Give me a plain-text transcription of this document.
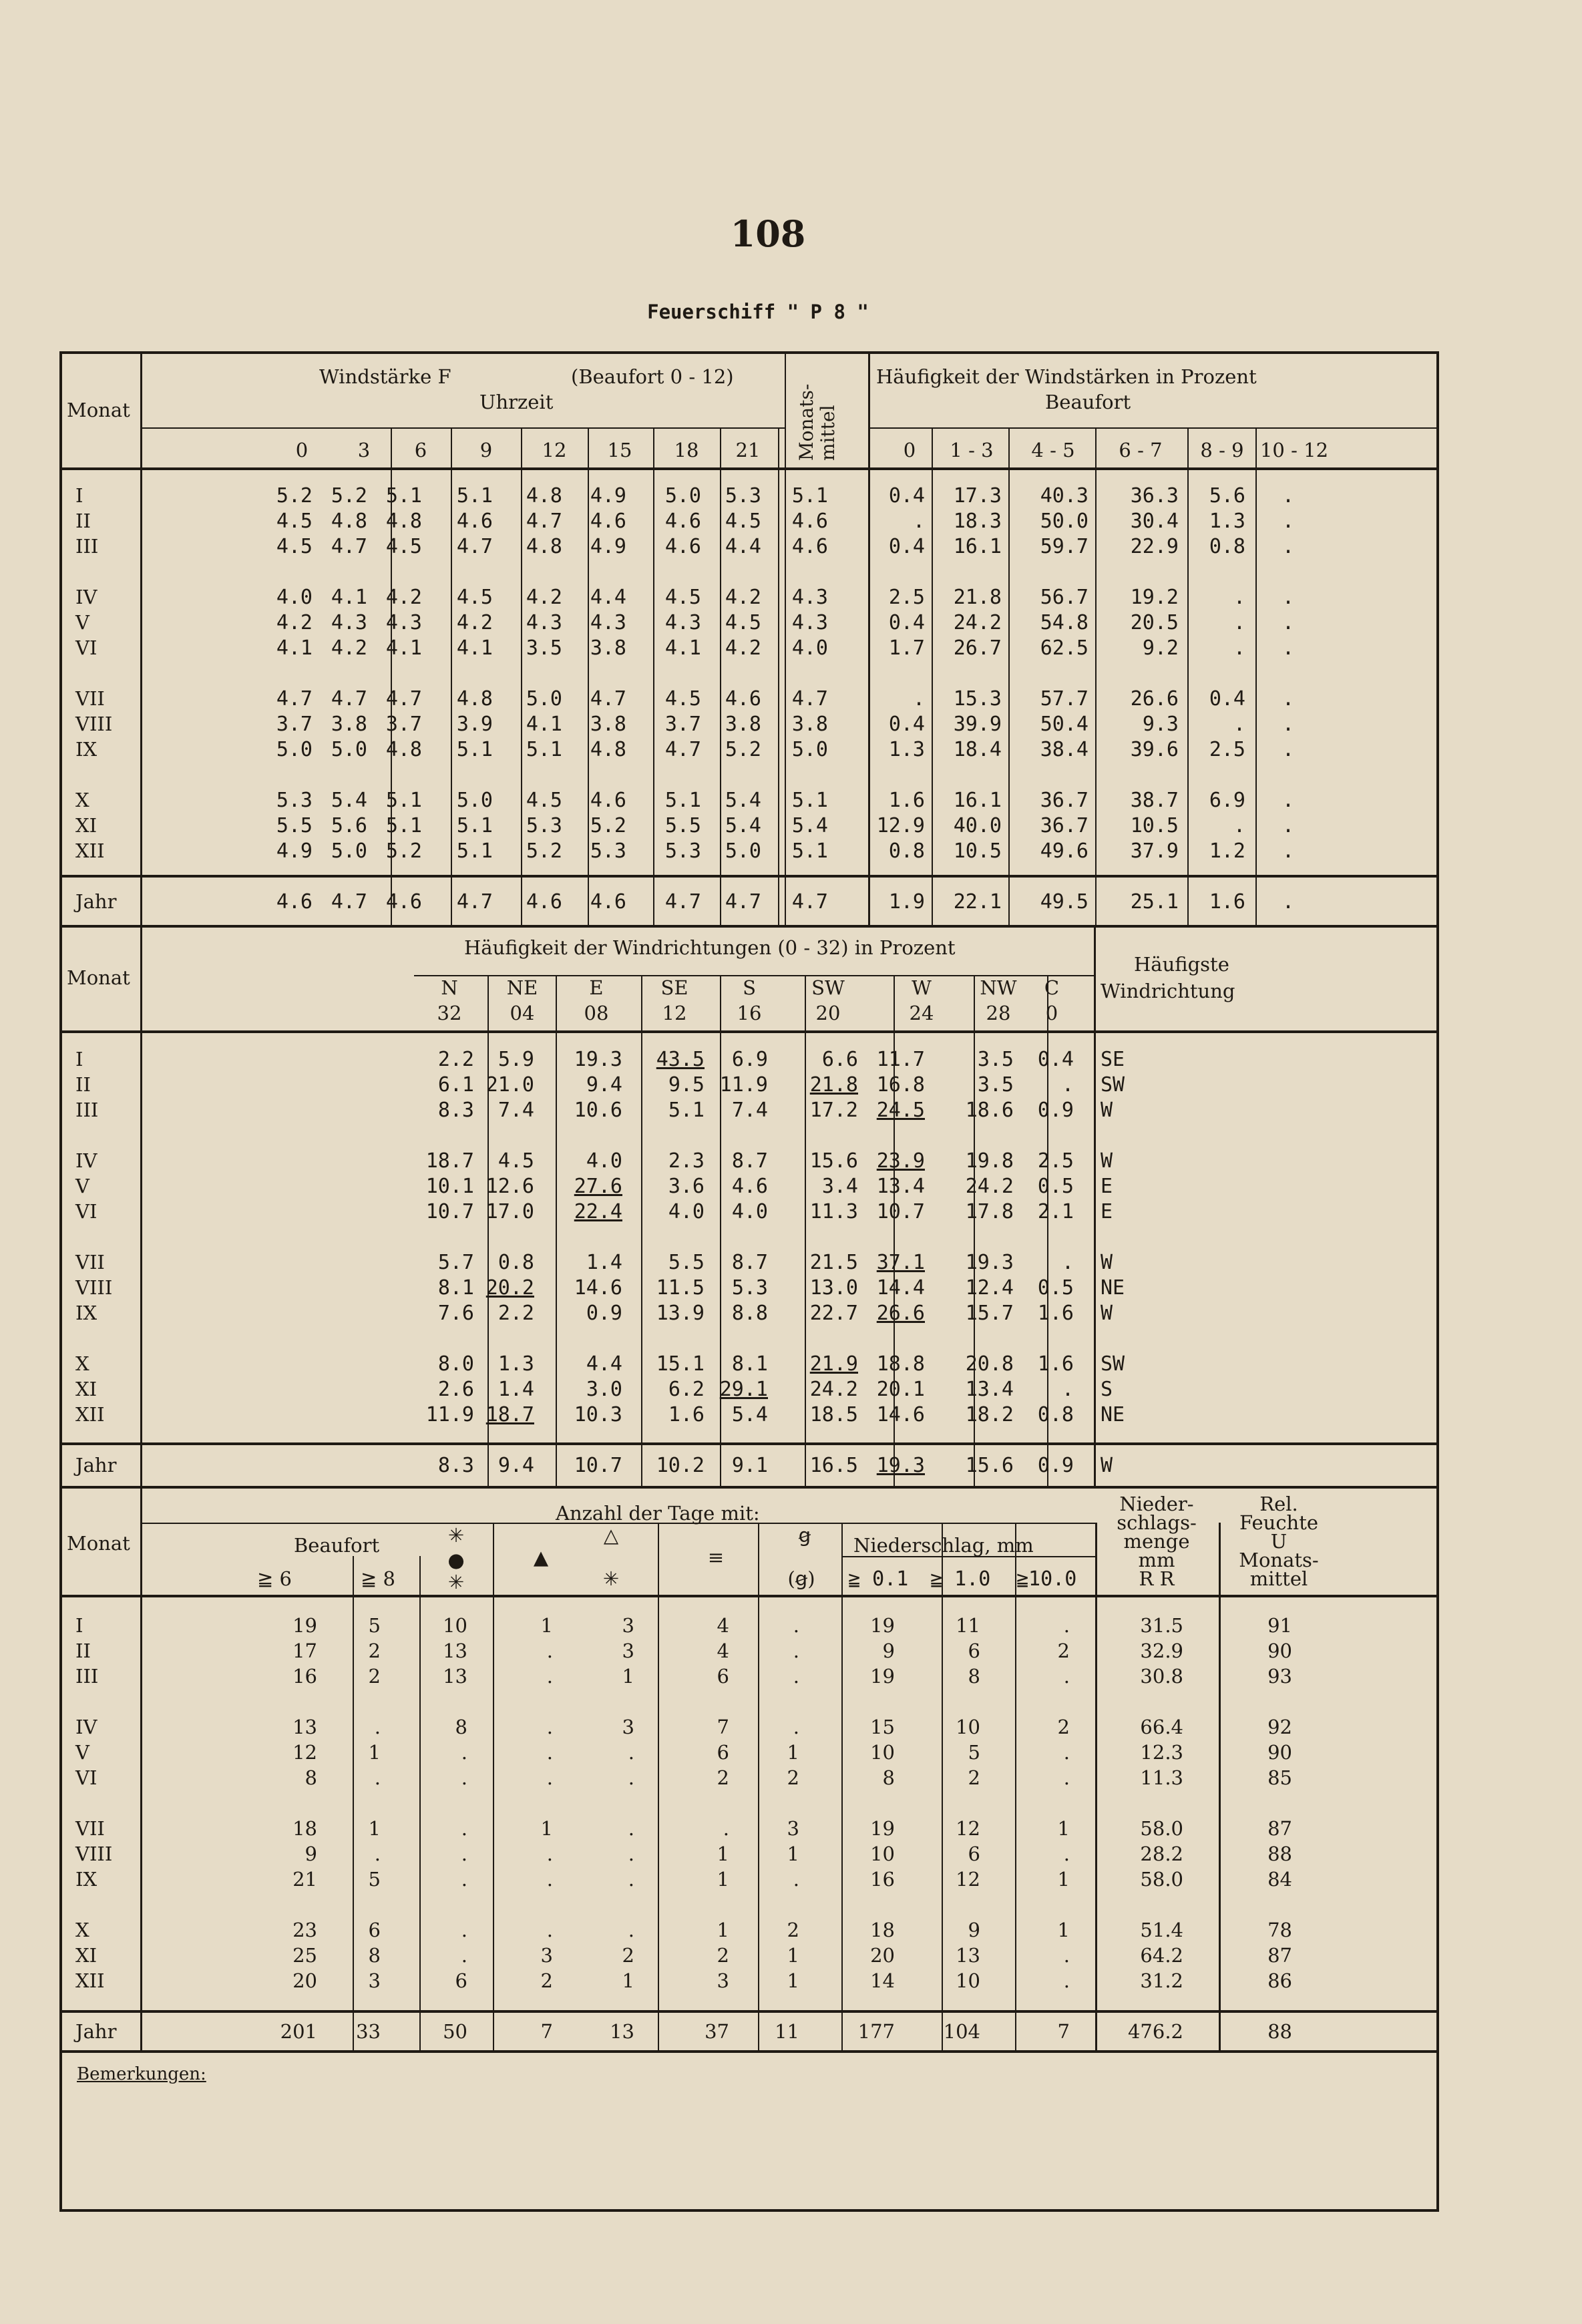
108
Feuerschiff " P 8 "
Monat
Windstärke F	(Beaufort 0 - 12)
Uhrzeit
0	3 6	9	12 15 18 21 Monats-
mittel
Häufigkeit der Windstärken in Prozent
Beaufort
0 1 - 3 4 - 5 6 - 7 8 - 9 10 - 12
I	5.2 5.2 5.1 5.1 4.8 4.9 5.0 5.3 5.1	0.4 17.3 40.3 36.3 5.6 .
II	4.5 4.8 4.8 4.6 4.7 4.6 4.6 4.5 4.6	. 18.3 50.0 30.4 1.3 .
III	4.5 4.7 4.5 4.7 4.8 4.9 4.6 4.4 4.6	0.4 16.1 59.7 22.9 0.8 .
IV	4.0 4.1 4.2 4.5 4.2 4.4 4.5 4.2 4.3	2.5 21.8 56.7 19.2	. .
V	4.2 4.3 4.3 4.2 4.3 4.3 4.3 4.5 4.3	0.4 24.2 54.8 20.5	. .
VI	4.1 4.2 4.1 4.1 3.5 3.8 4.1 4.2 4.0	1.7 26.7 62.5	9.2	. .
VII	4.7 4.7 4.7 4.8 5.0 4.7 4.5 4.6 4.7	. 15.3 57.7 26.6 0.4 .
VIII	3.7 3.8 3.7 3.9 4.1 3.8 3.7 3.8 3.8	0.4 39.9 50.4	9.3	. .
IX	5.0 5.0 4.8 5.1 5.1 4.8 4.7 5.2 5.0	1.3 18.4 38.4 39.6 2.5 .
X	5.3 5.4 5.1 5.0 4.5 4.6 5.1 5.4 5.1	1.6 16.1 36.7 38.7 6.9 .
XI	5.5 5.6 5.1 5.1 5.3 5.2 5.5 5.4 5.4 12.9 40.0 36.7 10.5	. .
XII	4.9 5.0 5.2 5.1 5.2 5.3 5.3 5.0 5.1	0.8 10.5 49.6 37.9 1.2 .
Jahr	4.6 4.7 4.6 4.7 4.6 4.6 4.7 4.7 4.7	1.9 22.1 49.5 25.1 1.6 .
Monat
Häufigkeit der Windrichtungen (0 - 32) in Prozent
N
32
NE
04
E
08
SE
12
S
16
SW
20
W
24
NW
28
C
0
Häufigste
Windrichtung
I	2.2 5.9 19.3 43.5 6.9	6.6 11.7	3.5 0.4 SE
II	6.1 21.0	9.4 9.5 11.9 21.8 16.8	3.5 . SW
III	8.3 7.4 10.6 5.1 7.4 17.2 24.5 18.6 0.9 W
IV	18.7 4.5	4.0 2.3 8.7 15.6 23.9 19.8 2.5 W
V	10.1 12.6 27.6 3.6 4.6	3.4 13.4 24.2 0.5 E
VI	10.7 17.0 22.4 4.0 4.0 11.3 10.7 17.8 2.1 E
VII	5.7 0.8	1.4 5.5 8.7 21.5 37.1 19.3 . W
VIII	8.1 20.2 14.6 11.5 5.3 13.0 14.4 12.4 0.5 NE
IX	7.6 2.2	0.9 13.9 8.8 22.7 26.6 15.7 1.6 W
X	8.0 1.3	4.4 15.1 8.1 21.9 18.8 20.8 1.6 SW
XI	2.6 1.4	3.0 6.2 29.1 24.2 20.1 13.4 . S
XII	11.9 18.7 10.3 1.6 5.4 18.5 14.6 18.2 0.8 NE
Jahr	8.3 9.4 10.7 10.2 9.1 16.5 19.3 15.6 0.9 W
Monat
Anzahl der Tage mit:
Beaufort
≧ 6	≧ 8
Niederschlag, mm
≧ 0.1 ≧ 1.0 ≧10.0
✳
●
✳
▲
△
✳
≡
ꞡ
(ꞡ)
Nieder-
schlags-
menge
mm
R R
Rel.
Feuchte
U
Monats-
mittel
I	19	5	10	1	3	4	.	19	11	.	31.5	91
II	17	2	13	.	3	4	.	9	6	2	32.9	90
III	16	2	13	.	1	6	.	19	8	.	30.8	93
IV	13	.	8	.	3	7	.	15	10	2	66.4	92
V	12	1	.	.	.	6	1	10	5	.	12.3	90
VI	8	.	.	.	.	2	2	8	2	.	11.3	85
VII	18	1	.	1	.	.	3	19	12	1	58.0	87
VIII	9	.	.	.	.	1	1	10	6	.	28.2	88
IX	21	5	.	.	.	1	.	16	12	1	58.0	84
X	23	6	.	.	.	1	2	18	9	1	51.4	78
XI	25	8	.	3	2	2	1	20	13	.	64.2	87
XII	20	3	6	2	1	3	1	14	10	.	31.2	86
Jahr	201 33	50	7	13	37 11	177	104	7	476.2	88
Bemerkungen:
